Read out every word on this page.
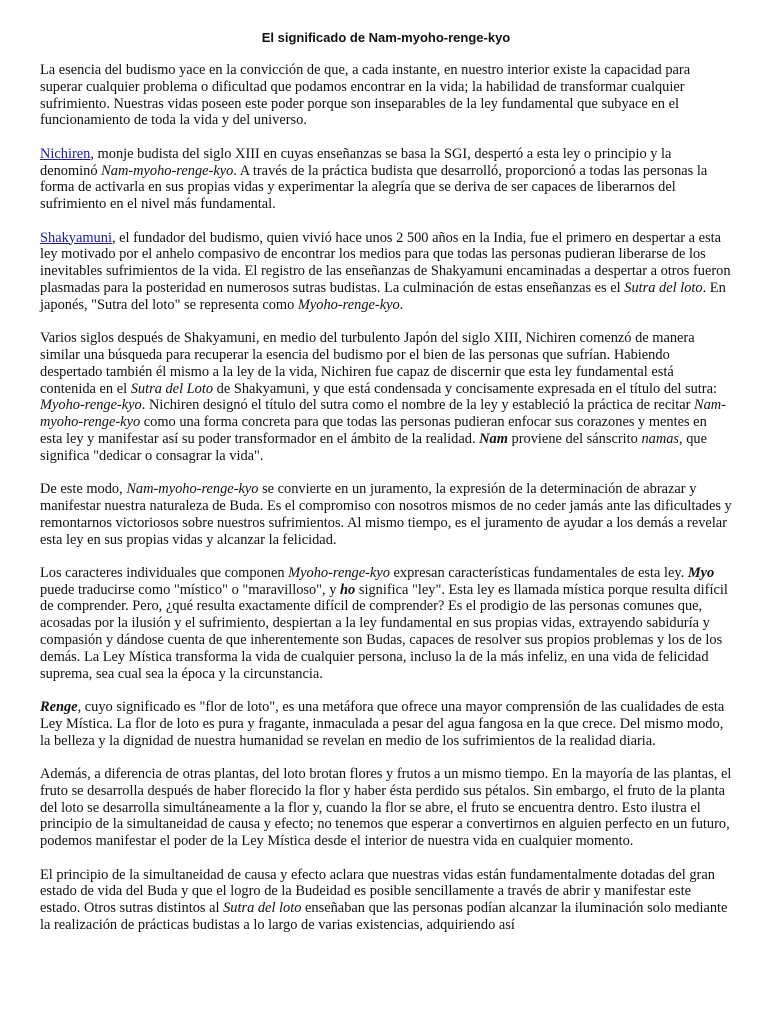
El significado de Nam-myoho-renge-kyo

La esencia del budismo yace en la convicción de que, a cada instante, en nuestro interior existe la capacidad para superar cualquier problema o dificultad que podamos encontrar en la vida; la habilidad de transformar cualquier sufrimiento. Nuestras vidas poseen este poder porque son inseparables de la ley fundamental que subyace en el funcionamiento de toda la vida y del universo.

Nichiren, monje budista del siglo XIII en cuyas enseñanzas se basa la SGI, despertó a esta ley o principio y la denominó Nam-myoho-renge-kyo. A través de la práctica budista que desarrolló, proporcionó a todas las personas la forma de activarla en sus propias vidas y experimentar la alegría que se deriva de ser capaces de liberarnos del sufrimiento en el nivel más fundamental.

Shakyamuni, el fundador del budismo, quien vivió hace unos 2 500 años en la India, fue el primero en despertar a esta ley motivado por el anhelo compasivo de encontrar los medios para que todas las personas pudieran liberarse de los inevitables sufrimientos de la vida. El registro de las enseñanzas de Shakyamuni encaminadas a despertar a otros fueron plasmadas para la posteridad en numerosos sutras budistas. La culminación de estas enseñanzas es el Sutra del loto. En japonés, "Sutra del loto" se representa como Myoho-renge-kyo.

Varios siglos después de Shakyamuni, en medio del turbulento Japón del siglo XIII, Nichiren comenzó de manera similar una búsqueda para recuperar la esencia del budismo por el bien de las personas que sufrían. Habiendo despertado también él mismo a la ley de la vida, Nichiren fue capaz de discernir que esta ley fundamental está contenida en el Sutra del Loto de Shakyamuni, y que está condensada y concisamente expresada en el título del sutra: Myoho-renge-kyo. Nichiren designó el título del sutra como el nombre de la ley y estableció la práctica de recitar Nam-myoho-renge-kyo como una forma concreta para que todas las personas pudieran enfocar sus corazones y mentes en esta ley y manifestar así su poder transformador en el ámbito de la realidad. Nam proviene del sánscrito namas, que significa "dedicar o consagrar la vida".

De este modo, Nam-myoho-renge-kyo se convierte en un juramento, la expresión de la determinación de abrazar y manifestar nuestra naturaleza de Buda. Es el compromiso con nosotros mismos de no ceder jamás ante las dificultades y remontarnos victoriosos sobre nuestros sufrimientos. Al mismo tiempo, es el juramento de ayudar a los demás a revelar esta ley en sus propias vidas y alcanzar la felicidad.

Los caracteres individuales que componen Myoho-renge-kyo expresan características fundamentales de esta ley. Myo puede traducirse como "místico" o "maravilloso", y ho significa "ley". Esta ley es llamada mística porque resulta difícil de comprender. Pero, ¿qué resulta exactamente difícil de comprender? Es el prodigio de las personas comunes que, acosadas por la ilusión y el sufrimiento, despiertan a la ley fundamental en sus propias vidas, extrayendo sabiduría y compasión y dándose cuenta de que inherentemente son Budas, capaces de resolver sus propios problemas y los de los demás. La Ley Mística transforma la vida de cualquier persona, incluso la de la más infeliz, en una vida de felicidad suprema, sea cual sea la época y la circunstancia.

Renge, cuyo significado es "flor de loto", es una metáfora que ofrece una mayor comprensión de las cualidades de esta Ley Mística. La flor de loto es pura y fragante, inmaculada a pesar del agua fangosa en la que crece. Del mismo modo, la belleza y la dignidad de nuestra humanidad se revelan en medio de los sufrimientos de la realidad diaria.

Además, a diferencia de otras plantas, del loto brotan flores y frutos a un mismo tiempo. En la mayoría de las plantas, el fruto se desarrolla después de haber florecido la flor y haber ésta perdido sus pétalos. Sin embargo, el fruto de la planta del loto se desarrolla simultáneamente a la flor y, cuando la flor se abre, el fruto se encuentra dentro. Esto ilustra el principio de la simultaneidad de causa y efecto; no tenemos que esperar a convertirnos en alguien perfecto en un futuro, podemos manifestar el poder de la Ley Mística desde el interior de nuestra vida en cualquier momento.

El principio de la simultaneidad de causa y efecto aclara que nuestras vidas están fundamentalmente dotadas del gran estado de vida del Buda y que el logro de la Budeidad es posible sencillamente a través de abrir y manifestar este estado. Otros sutras distintos al Sutra del loto enseñaban que las personas podían alcanzar la iluminación solo mediante la realización de prácticas budistas a lo largo de varias existencias, adquiriendo así
